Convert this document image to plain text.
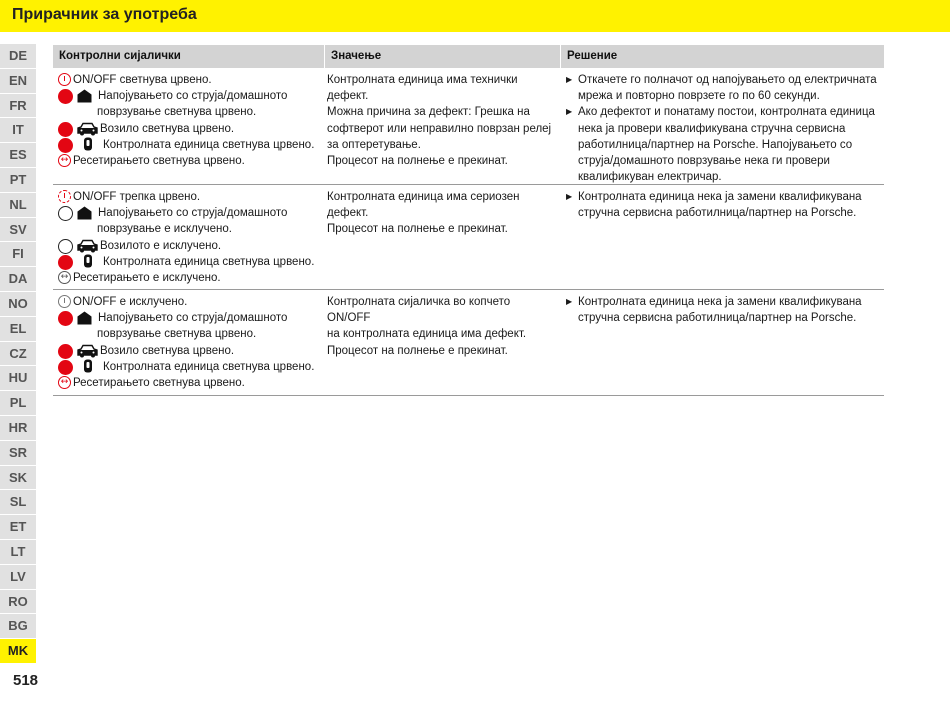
Прирачник за употреба
DE
EN
FR
IT
ES
PT
NL
SV
FI
DA
NO
EL
CZ
HU
PL
HR
SR
SK
SL
ET
LT
LV
RO
BG
MK
518
Контролни сијалички	Значење	Решение
ON/OFF светнува црвено.
Напојувањето со струја/домашното
поврзување светнува црвено.
Возило светнува црвено.
Контролната единица светнува црвено.
↔
Ресетирањето светнува црвено.
Контролната единица има технички
дефект.
Можна причина за дефект: Грешка на
софтверот или неправилно поврзан релеј
за оптеретување.
Процесот на полнење е прекинат.
▶ Откачете го полначот од напојувањето од електричната
мрежа и повторно поврзете го по 60 секунди.
▶ Ако дефектот и понатаму постои, контролната единица
нека ја провери квалификувана стручна сервисна
работилница/партнер на Porsche. Напојувањето со
струја/домашното поврзување нека ги провери
квалификуван електричар.
ON/OFF трепка црвено.
Напојувањето со струја/домашното
поврзување е исклучено.
Возилото е исклучено.
Контролната единица светнува црвено.
↔
Ресетирањето е исклучено.
Контролната единица има сериозен
дефект.
Процесот на полнење е прекинат.
▶ Контролната единица нека ја замени квалификувана
стручна сервисна работилница/партнер на Porsche.
ON/OFF е исклучено.
Напојувањето со струја/домашното
поврзување светнува црвено.
Возило светнува црвено.
Контролната единица светнува црвено.
↔
Ресетирањето светнува црвено.
Контролната сијаличка во копчето ON/OFF
на контролната единица има дефект.
Процесот на полнење е прекинат.
▶ Контролната единица нека ја замени квалификувана
стручна сервисна работилница/партнер на Porsche.
